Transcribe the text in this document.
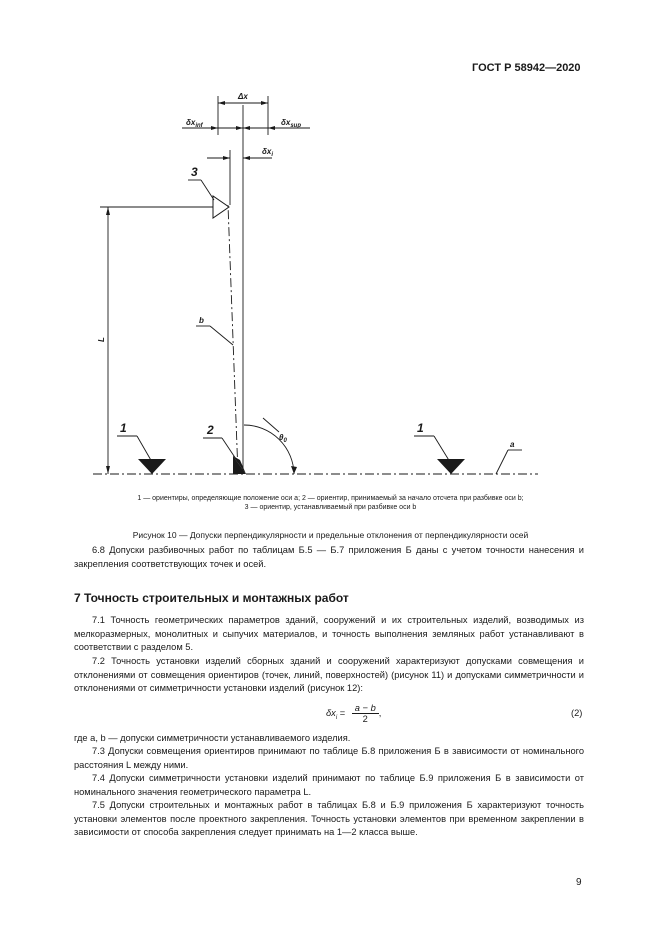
ГОСТ Р 58942—2020
Δx
$\delta x_{inf}$	$\delta x_{sup}$
$\delta x_i$
L
b
a
$\theta_0$
1	2
3
1
1 — ориентиры, определяющие положение оси a; 2 — ориентир, принимаемый за начало отсчета при разбивке оси b;
3 — ориентир, устанавливаемый при разбивке оси b
Рисунок 10 — Допуски перпендикулярности и предельные отклонения от перпендикулярности осей
6.8 Допуски разбивочных работ по таблицам Б.5 — Б.7 приложения Б даны с учетом точности нанесения и закрепления соответствующих точек и осей.
7 Точность строительных и монтажных работ
7.1 Точность геометрических параметров зданий, сооружений и их строительных изделий, возводимых из мелкоразмерных, монолитных и сыпучих материалов, и точность выполнения земляных работ устанавливают в соответствии с разделом 5.
7.2 Точность установки изделий сборных зданий и сооружений характеризуют допусками совмещения и отклонениями от совмещения ориентиров (точек, линий, поверхностей) (рисунок 11) и допусками симметричности и отклонениями от симметричности установки изделий (рисунок 12):
$\delta x_i = \frac{a - b}{2}$ ,	(2)
где a, b — допуски симметричности устанавливаемого изделия.
7.3 Допуски совмещения ориентиров принимают по таблице Б.8 приложения Б в зависимости от номинального расстояния L между ними.
7.4 Допуски симметричности установки изделий принимают по таблице Б.9 приложения Б в зависимости от номинального значения геометрического параметра L.
7.5 Допуски строительных и монтажных работ в таблицах Б.8 и Б.9 приложения Б характеризуют точность установки элементов после проектного закрепления. Точность установки элементов при временном закреплении в зависимости от способа закрепления следует принимать на 1—2 класса выше.
9
